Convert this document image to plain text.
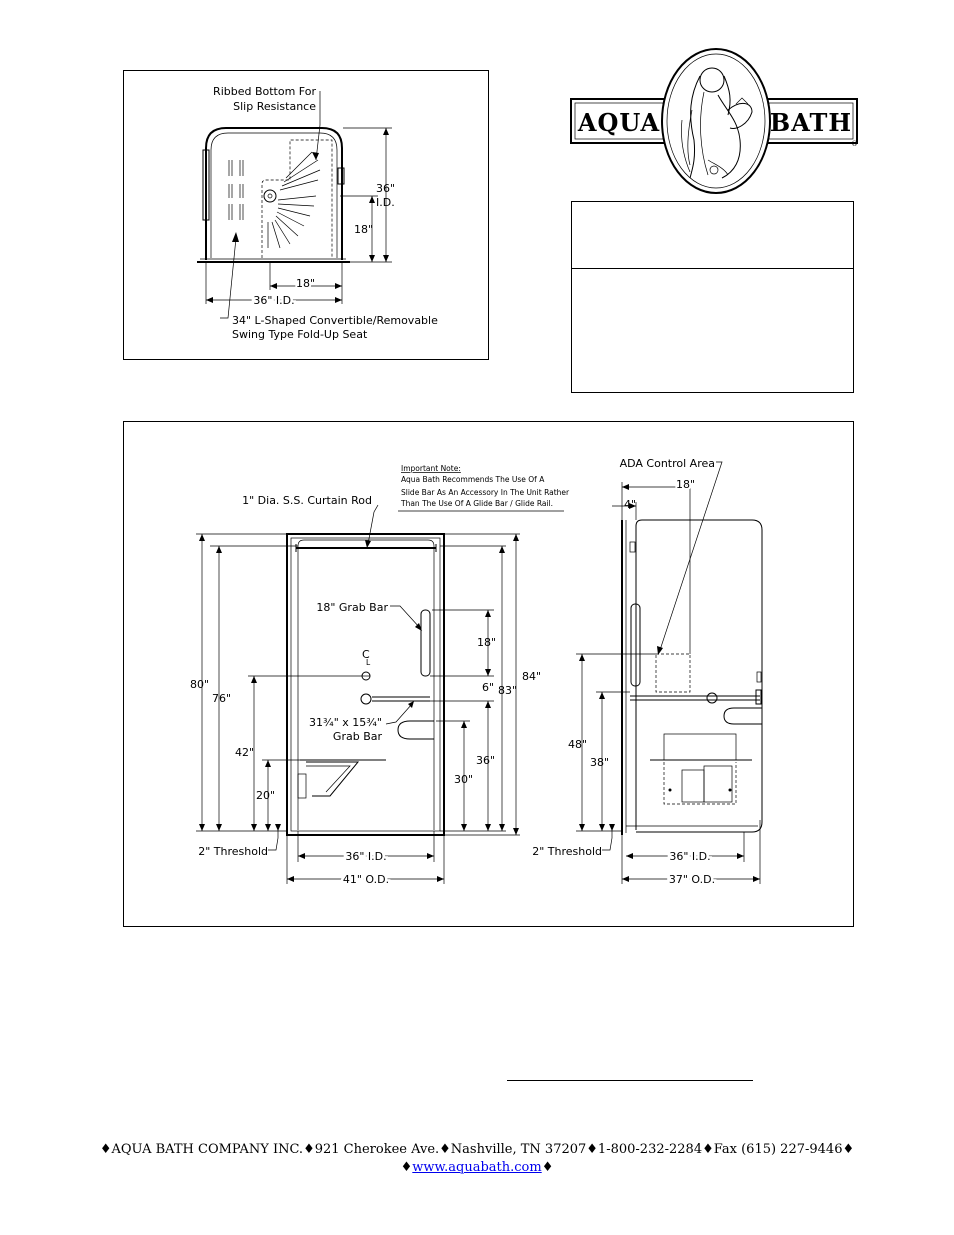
AQUA	BATH
®
Ribbed Bottom For
Slip Resistance
36"
I.D.
18"
18"
36" I.D.
34" L-Shaped Convertible/Removable
Swing Type Fold-Up Seat
1" Dia. S.S. Curtain Rod
Important Note:
Aqua Bath Recommends The Use Of A
Slide Bar As An Accessory In The Unit Rather
Than The Use Of A Glide Bar / Glide Rail.
18" Grab Bar
C
L
31¾" x 15¾"
Grab Bar
80"
76"
42"
20"
18"
6"
84"
83"
36"
30"
2" Threshold	36" I.D.
41" O.D.
ADA Control Area
18"
4"
48"
38"
2" Threshold	36" I.D.
37" O.D.
♦AQUA BATH COMPANY INC.♦921 Cherokee Ave.♦Nashville, TN 37207♦1-800-232-2284♦Fax (615) 227-9446♦
♦www.aquabath.com♦
